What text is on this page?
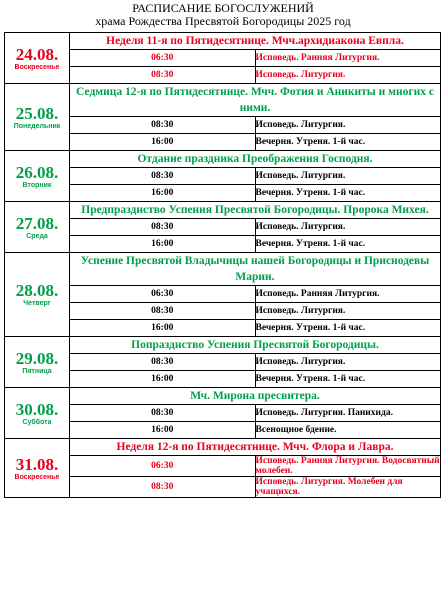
РАСПИСАНИЕ БОГОСЛУЖЕНИЙ
храма Рождества Пресвятой Богородицы 2025 год
24.08.
Воскресенье	Неделя 11-я по Пятидесятнице. Мчч.архидиакона Евпла.	
	06:30	Исповедь. Ранняя Литургия.
	08:30	Исповедь. Литургия.

25.08.
Понедельник	Седмица 12-я по Пятидесятнице. Мчч. Фотия и Аникиты и многих с ними.	
	08:30	Исповедь. Литургия.
	16:00	Вечерня. Утреня. 1-й час.

26.08.
Вторник	Отдание праздника Преображения Господня.	
	08:30	Исповедь. Литургия.
	16:00	Вечерня. Утреня. 1-й час.

27.08.
Среда	Предпразднство Успения Пресвятой Богородицы. Пророка Михея.	
	08:30	Исповедь. Литургия.
	16:00	Вечерня. Утреня. 1-й час.

28.08.
Четверг	Успение Пресвятой Владычицы нашей Богородицы и Приснодевы Марии.	
	06:30	Исповедь. Ранняя Литургия.
	08:30	Исповедь. Литургия.
	16:00	Вечерня. Утреня. 1-й час.

29.08.
Пятница	Попразднство Успения Пресвятой Богородицы.	
	08:30	Исповедь. Литургия.
	16:00	Вечерня. Утреня. 1-й час.

30.08.
Суббота	Мч. Мирона пресвитера.	
	08:30	Исповедь. Литургия. Панихида.
	16:00	Всенощное бдение.

31.08.
Воскресенье	Неделя 12-я по Пятидесятнице. Мчч. Флора и Лавра.	
	06:30	Исповедь. Ранняя Литургия. Водосвятный молебен.
	08:30	Исповедь. Литургия. Молебен для учащихся.
